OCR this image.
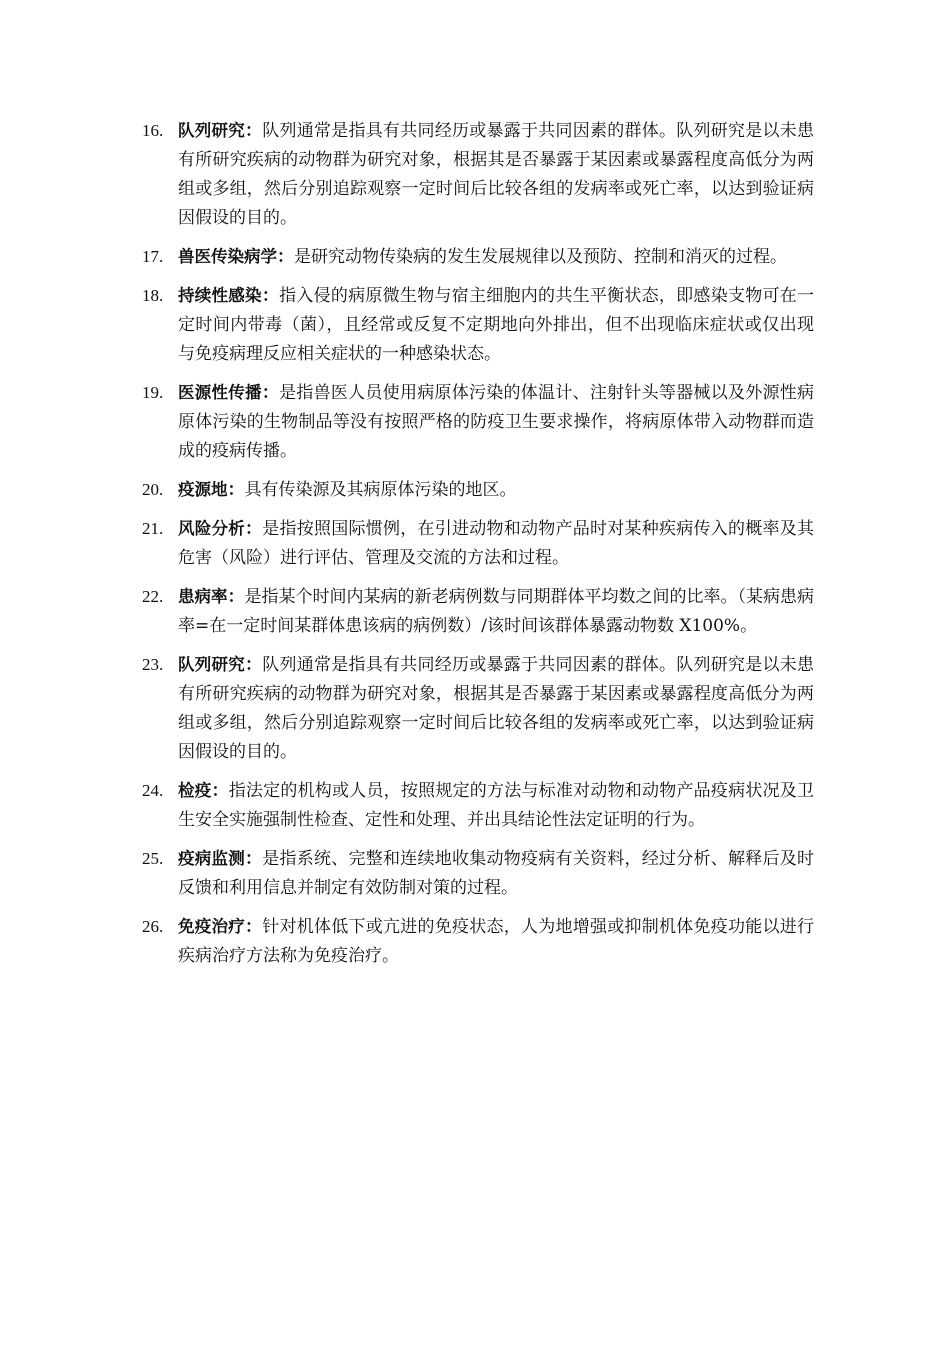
16. 队列研究：队列通常是指具有共同经历或暴露于共同因素的群体。队列研究是以未患有所研究疾病的动物群为研究对象，根据其是否暴露于某因素或暴露程度高低分为两组或多组，然后分别追踪观察一定时间后比较各组的发病率或死亡率，以达到验证病因假设的目的。
17. 兽医传染病学：是研究动物传染病的发生发展规律以及预防、控制和消灭的过程。
18. 持续性感染：指入侵的病原微生物与宿主细胞内的共生平衡状态，即感染支物可在一定时间内带毒（菌），且经常或反复不定期地向外排出，但不出现临床症状或仅出现与免疫病理反应相关症状的一种感染状态。
19. 医源性传播：是指兽医人员使用病原体污染的体温计、注射针头等器械以及外源性病原体污染的生物制品等没有按照严格的防疫卫生要求操作，将病原体带入动物群而造成的疫病传播。
20. 疫源地：具有传染源及其病原体污染的地区。
21. 风险分析：是指按照国际惯例，在引进动物和动物产品时对某种疾病传入的概率及其危害（风险）进行评估、管理及交流的方法和过程。
22. 患病率：是指某个时间内某病的新老病例数与同期群体平均数之间的比率。（某病患病率=在一定时间某群体患该病的病例数）/该时间该群体暴露动物数 X100%。
23. 队列研究：队列通常是指具有共同经历或暴露于共同因素的群体。队列研究是以未患有所研究疾病的动物群为研究对象，根据其是否暴露于某因素或暴露程度高低分为两组或多组，然后分别追踪观察一定时间后比较各组的发病率或死亡率，以达到验证病因假设的目的。
24. 检疫：指法定的机构或人员，按照规定的方法与标准对动物和动物产品疫病状况及卫生安全实施强制性检查、定性和处理、并出具结论性法定证明的行为。
25. 疫病监测：是指系统、完整和连续地收集动物疫病有关资料，经过分析、解释后及时反馈和利用信息并制定有效防制对策的过程。
26. 免疫治疗：针对机体低下或亢进的免疫状态，人为地增强或抑制机体免疫功能以进行疾病治疗方法称为免疫治疗。
